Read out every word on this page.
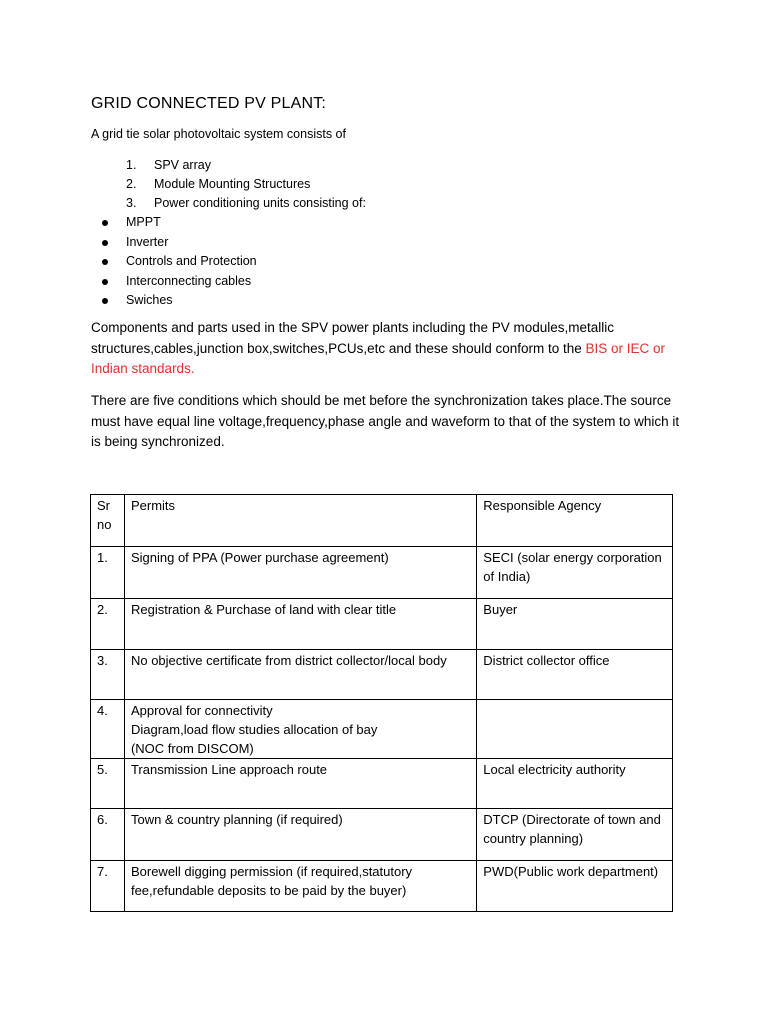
GRID CONNECTED PV PLANT:
A grid tie solar photovoltaic system consists of
1. SPV array
2. Module Mounting Structures
3. Power conditioning units consisting of:
MPPT
Inverter
Controls and Protection
Interconnecting cables
Swiches
Components and parts used in the SPV power plants including the PV modules,metallic structures,cables,junction box,switches,PCUs,etc and these should conform to the BIS or IEC or Indian standards.
There are five conditions which should be met before the synchronization takes place.The source must have equal line voltage,frequency,phase angle and waveform to that of the system to which it is being synchronized.
Sr no	Permits	Responsible Agency
1.	Signing of PPA (Power purchase agreement)	SECI (solar energy corporation of India)
2.	Registration & Purchase of land with clear title	Buyer
3.	No objective certificate from district collector/local body	District collector office
4.	Approval for connectivity
Diagram,load flow studies allocation of bay
(NOC from DISCOM)	
5.	Transmission Line approach route	Local electricity authority
6.	Town & country planning (if required)	DTCP (Directorate of town and country planning)
7.	Borewell digging permission (if required,statutory fee,refundable deposits to be paid by the buyer)	PWD(Public work department)
